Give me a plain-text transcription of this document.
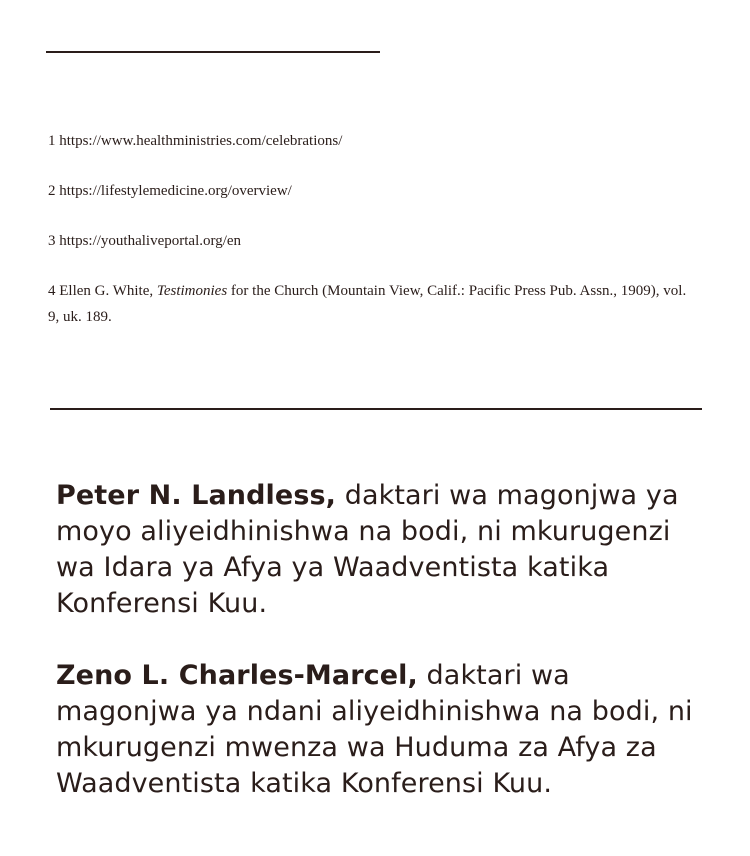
1 https://www.healthministries.com/celebrations/

2 https://lifestylemedicine.org/overview/

3 https://youthaliveportal.org/en

4 Ellen G. White, Testimonies for the Church (Mountain View, Calif.: Pacific Press Pub. Assn., 1909), vol. 9, uk. 189.

Peter N. Landless, daktari wa magonjwa ya moyo aliyeidhinishwa na bodi, ni mkurugenzi wa Idara ya Afya ya Waadventista katika Konferensi Kuu.

Zeno L. Charles-Marcel, daktari wa magonjwa ya ndani aliyeidhinishwa na bodi, ni mkurugenzi mwenza wa Huduma za Afya za Waadventista katika Konferensi Kuu.
